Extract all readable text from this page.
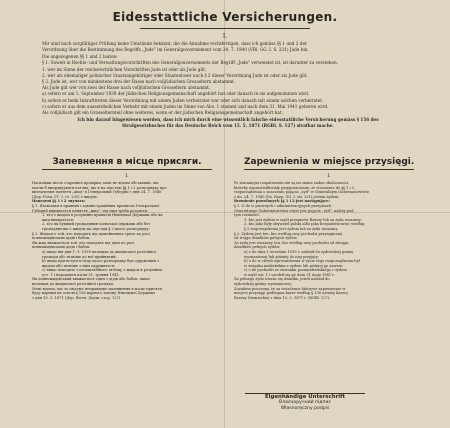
Eidesstattliche Versicherungen.
I.
Mir sind nach sorgfältiger Prüfung keine Umstände bekannt, die die Annahme rechtfertigen, dass ich gemäss §§ 1 und 2 der
Verordnung über die Bestimmung des Begriffs „Jude" im Generalgouvernement vom 24. 7. 1940 (VBl. GG. I. S. 231) Jude bin.
Die angezogenen §§ 1 und 2 lauten:
§ 1. Soweit in Rechts- und Verwaltungsvorschriften des Generalgouvernements der Begriff „Jude" verwendet ist, ist darunter zu verstehen.
1. wer im Sinne der reichsrechtlichen Vorschriften Jude ist oder als Jude gilt;
2. wer als ehemaliger polnischer Staatsangehöriger oder Staatenloser nach § 2 dieser Verordnung Jude ist oder als Jude gilt.
§ 2. Jude ist, wer von mindestens drei der Rasse nach volljüdischen Grosseltern abstammt.
Als Jude gilt wer von zwei der Rasse nach volljüdischen Grosseltern abstammt,
a) sofern er am 1. September 1939 der jüdischen Religionsgemeinschaft angehört hat oder danach in sie aufgenommen wird.
b) sofern er beim Inkrafttreten dieser Verordnung mit einem Juden verheiratet war oder sich danach mit einem solchen verheiratet.
c) sofern er aus dem ausserehelichen Verkehr mit einem Juden im Sinne von Abs. 1 stammt und nach dem 31. Mai 1941 geboren wird.
Als volljüdisch gilt ein Grosselternteil ohne weiteres, wenn er der jüdischen Religionsgemeinschaft angehört hat.
Ich bin darauf hingewiesen worden, dass ich mich durch eine wissentlich falsche eidesstattliche Versicherung gemäss § 156 des
Strafgesetzbuches für das Deutsche Reich vom 15. 5. 1871 (RGBl. S. 127) strafbar mache.
Запевнення в місце присяги.
I.
Наскільки після старанної провірки, мені не відомі обставини, які
могли б виправдувати погляд, що я на підставі §§ 1 і 2 розпорядку про
визначення поняття „жид" в Генеральній Губернії з дня 24. 7. 1940
(Дер. Розп. ГГ. I. ст. 231) є жидом.
Наведені §§ 1 і 2 звучать:
§ 1. Наскільки в правних і адміністраційних приписах Генеральної
Губернії вживається поняття „жид", під ним треба розуміти:
1. хто є жидом в розумінні приписів Німецької Держави або як
жид вважається;
2. хто як бувший громадянин польської держави або без
громадянства є жидом на підставі § 2 цього розпорядку;
§ 2. Жидом є той, хто походить від щонайменше трьох по расі
повножидівських дідів і бабок.
Як жид вважається той, хто походить від двох по расі
повножидівських дідів і бабок:
a) якщо він дня 1. 9. 1939 належав до жидівської релігійної
громади або пізніше до неї прийнятий;
b) якщо при вступі в силу цього розпорядку був одружений з
жидом або пізніше з ним одружиться;
c) якщо походить з позашлюбного зв'язку з жидом в розумінні
уст. 1 і народився після 31. травня 1941.
Як повножидівський вважається один з дідів або бабок, якщо
належав до жидівської релігійної громади.
Мені відомо, що за свідомо неправдиве запевнення в місце присяги
буду карним на основі § 156 карного закону Німецької Держави
з дня 15. 5. 1871 (Дер. Вістн. Держ. стор. 127).
Zapewnienia w miejsce przysięgi.
I.
Po starannym rozpatrzeniu nie są mi znane żadne okoliczności,
któreby usprawiedliwiały przypuszczenie, że stosownie do §§ 1 i 2
rozporządzenia o znaczeniu pojęcia „żyd" w Generalnym Gubernatorstwie
z dn. 24. 7. 1940 (Dz. Rozp. GG. I. str. 231) jestem żydem.
Brzmienie powołanych §§ 1 i 2 jest następujące:
§ 1. O ile w prawnych i administracyjnych przepisach
Generalnego Gubernatorstwa użyte jest pojęcie „żyd", należy pod
tym rozumieć:
1. kto jest żydem w myśl przepisów Rzeszy lub za żyda uważany;
2. kto jako były obywatel polski albo jako bezpaństwowiec według
§ 2 rozporządzenia jest żydem lub za żyda uważany.
§ 2. Żydem jest ten, kto według rasy pochodzi przynajmniej
od trojga dziadków pełnych żydów.
Za żyda jest uważany ten, kto według rasy pochodzi od dwojga
dziadków pełnych żydów:
a) o ile dnia 1 września 1939 r. należał do żydowskiej gminy
wyznaniowej lub później do niej przyjęty;
b) o ile w chwili wprowadzenia w życie tego rozporządzenia był
w związku małżeńskim z żydem lub później go zawrze;
c) o ile pochodzi ze stosunku pozamałżeńskiego z żydem
w myśl ust. 1 i urodził się po dniu 31 maja 1941 r.
Za pełnego żyda uważa się dziadka, jeżeli należał do
żydowskiej gminy wyznaniowej.
Zostałem pouczony, że za świadomie fałszywe zapewnienie w
miejsce przysięgi podlegam karze według § 156 ustawy karnej
Rzeszy Niemieckiej z dnia 15. 5. 1871 r. (RGBl. 127).
Eigenhändige Unterschrift
Власноручний підпис
Własnoręczny podpis
